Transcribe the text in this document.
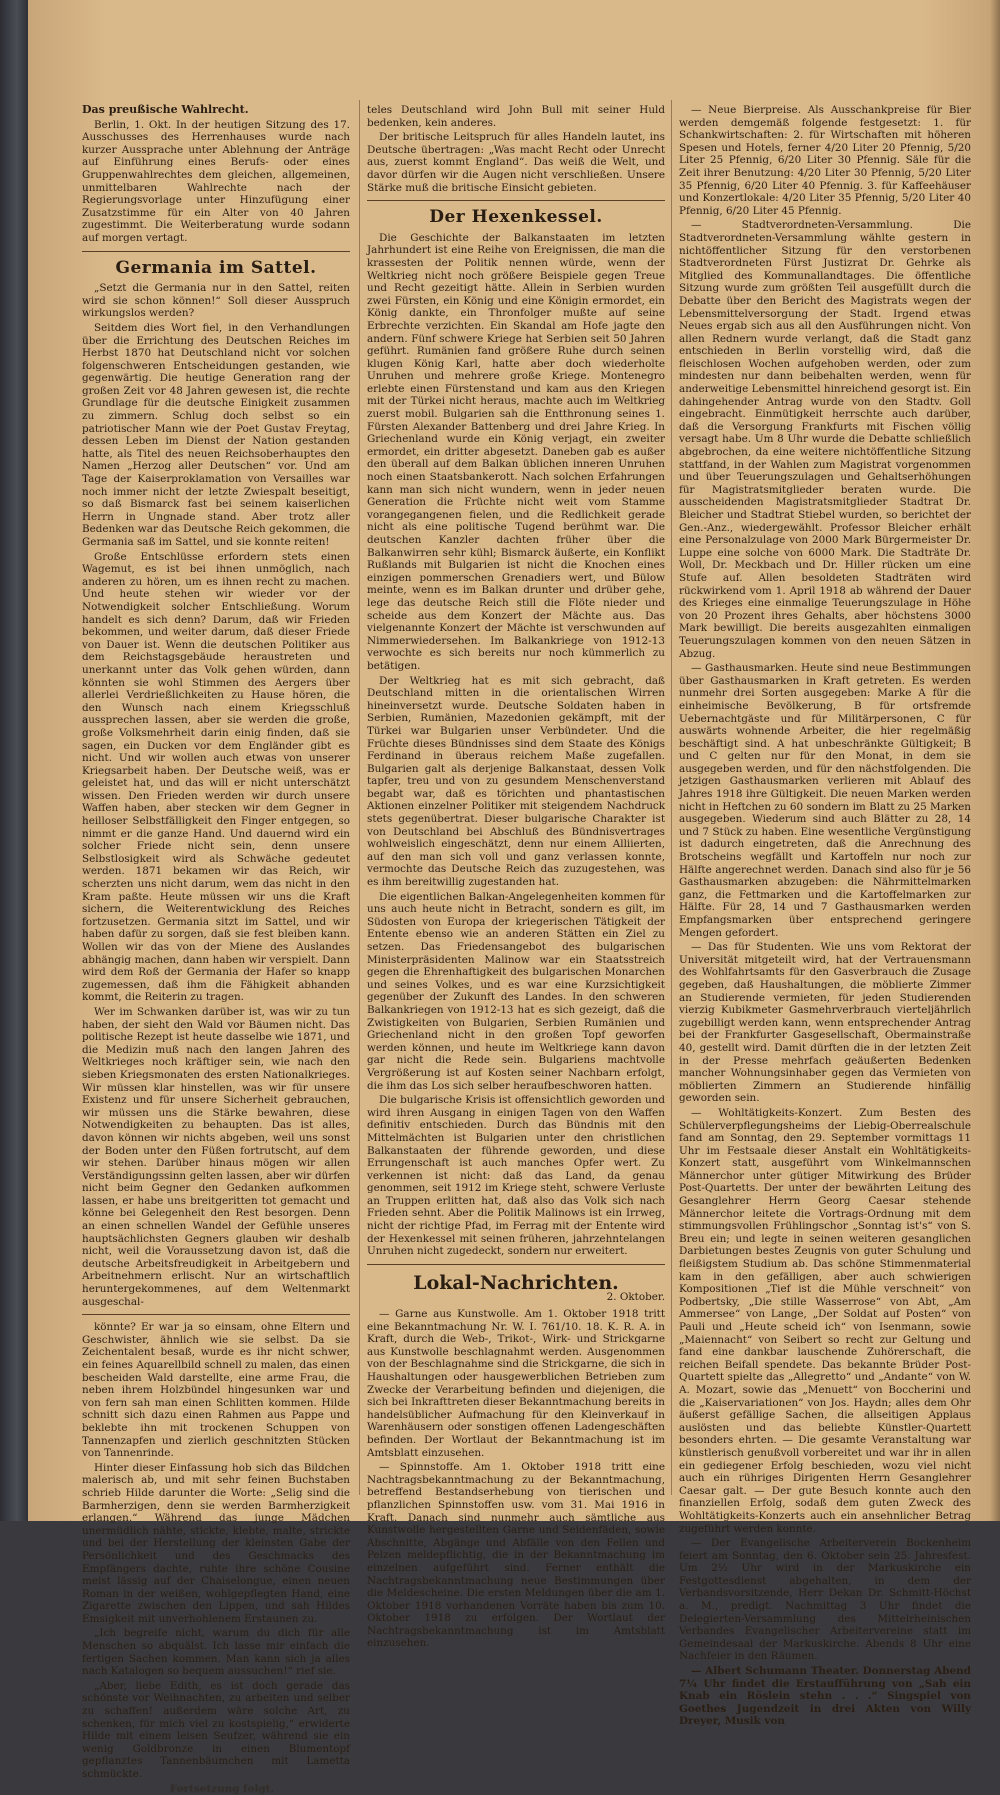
Das preußische Wahlrecht.

Berlin, 1. Okt. In der heutigen Sitzung des 17. Ausschusses des Herrenhauses wurde nach kurzer Aussprache unter Ablehnung der Anträge auf Einführung eines Berufs- oder eines Gruppenwahlrechtes dem gleichen, allgemeinen, unmittelbaren Wahlrechte nach der Regierungsvorlage unter Hinzufügung einer Zusatzstimme für ein Alter von 40 Jahren zugestimmt. Die Weiterberatung wurde sodann auf morgen vertagt.

Germania im Sattel.

„Setzt die Germania nur in den Sattel, reiten wird sie schon können!“ Soll dieser Ausspruch wirkungslos werden?

Seitdem dies Wort fiel, in den Verhandlungen über die Errichtung des Deutschen Reiches im Herbst 1870 hat Deutschland nicht vor solchen folgenschweren Entscheidungen gestanden, wie gegenwärtig. Die heutige Generation rang der großen Zeit vor 48 Jahren gewesen ist, die rechte Grundlage für die deutsche Einigkeit zusammen zu zimmern. Schlug doch selbst so ein patriotischer Mann wie der Poet Gustav Freytag, dessen Leben im Dienst der Nation gestanden hatte, als Titel des neuen Reichsoberhauptes den Namen „Herzog aller Deutschen“ vor. Und am Tage der Kaiserproklamation von Versailles war noch immer nicht der letzte Zwiespalt beseitigt, so daß Bismarck fast bei seinem kaiserlichen Herrn in Ungnade stand. Aber trotz aller Bedenken war das Deutsche Reich gekommen, die Germania saß im Sattel, und sie konnte reiten!

Große Entschlüsse erfordern stets einen Wagemut, es ist bei ihnen unmöglich, nach anderen zu hören, um es ihnen recht zu machen. Und heute stehen wir wieder vor der Notwendigkeit solcher Entschließung. Worum handelt es sich denn? Darum, daß wir Frieden bekommen, und weiter darum, daß dieser Friede von Dauer ist. Wenn die deutschen Politiker aus dem Reichstagsgebäude heraustreten und unerkannt unter das Volk gehen würden, dann könnten sie wohl Stimmen des Aergers über allerlei Verdrießlichkeiten zu Hause hören, die den Wunsch nach einem Kriegsschluß aussprechen lassen, aber sie werden die große, große Volksmehrheit darin einig finden, daß sie sagen, ein Ducken vor dem Engländer gibt es nicht. Und wir wollen auch etwas von unserer Kriegsarbeit haben. Der Deutsche weiß, was er geleistet hat, und das will er nicht unterschätzt wissen. Den Frieden werden wir durch unsere Waffen haben, aber stecken wir dem Gegner in heilloser Selbstfälligkeit den Finger entgegen, so nimmt er die ganze Hand. Und dauernd wird ein solcher Friede nicht sein, denn unsere Selbstlosigkeit wird als Schwäche gedeutet werden. 1871 bekamen wir das Reich, wir scherzten uns nicht darum, wem das nicht in den Kram paßte. Heute müssen wir uns die Kraft sichern, die Weiterentwicklung des Reiches fortzusetzen. Germania sitzt im Sattel, und wir haben dafür zu sorgen, daß sie fest bleiben kann. Wollen wir das von der Miene des Auslandes abhängig machen, dann haben wir verspielt. Dann wird dem Roß der Germania der Hafer so knapp zugemessen, daß ihm die Fähigkeit abhanden kommt, die Reiterin zu tragen.

Wer im Schwanken darüber ist, was wir zu tun haben, der sieht den Wald vor Bäumen nicht. Das politische Rezept ist heute dasselbe wie 1871, und die Medizin muß nach den langen Jahren des Weltkrieges noch kräftiger sein, wie nach den sieben Kriegsmonaten des ersten Nationalkrieges. Wir müssen klar hinstellen, was wir für unsere Existenz und für unsere Sicherheit gebrauchen, wir müssen uns die Stärke bewahren, diese Notwendigkeiten zu behaupten. Das ist alles, davon können wir nichts abgeben, weil uns sonst der Boden unter den Füßen fortrutscht, auf dem wir stehen. Darüber hinaus mögen wir allen Verständigungssinn gelten lassen, aber wir dürfen nicht beim Gegner den Gedanken aufkommen lassen, er habe uns breitgeritten tot gemacht und könne bei Gelegenheit den Rest besorgen. Denn an einen schnellen Wandel der Gefühle unseres hauptsächlichsten Gegners glauben wir deshalb nicht, weil die Voraussetzung davon ist, daß die deutsche Arbeitsfreudigkeit in Arbeitgebern und Arbeitnehmern erlischt. Nur an wirtschaftlich heruntergekommenes, auf dem Weltenmarkt ausgeschal-

könnte? Er war ja so einsam, ohne Eltern und Geschwister, ähnlich wie sie selbst. Da sie Zeichentalent besaß, wurde es ihr nicht schwer, ein feines Aquarellbild schnell zu malen, das einen bescheiden Wald darstellte, eine arme Frau, die neben ihrem Holzbündel hingesunken war und von fern sah man einen Schlitten kommen. Hilde schnitt sich dazu einen Rahmen aus Pappe und beklebte ihn mit trockenen Schuppen von Tannenzapfen und zierlich geschnitzten Stücken von Tannenrinde.

Hinter dieser Einfassung hob sich das Bildchen malerisch ab, und mit sehr feinen Buchstaben schrieb Hilde darunter die Worte: „Selig sind die Barmherzigen, denn sie werden Barmherzigkeit erlangen.“ Während das junge Mädchen unermüdlich nähte, stickte, klebte, malte, strickte und bei der Herstellung der kleinsten Gabe der Persönlichkeit und des Geschmacks des Empfängers dachte, ruhte ihre schöne Cousine meist lässig auf der Chaiselongue, einen neuen Roman in der weißen, wohlgepflegten Hand, eine Zigarette zwischen den Lippen, und sah Hildes Emsigkeit mit unverhohlenem Erstaunen zu.

„Ich begreife nicht, warum du dich für alle Menschen so abquälst. Ich lasse mir einfach die fertigen Sachen kommen. Man kann sich ja alles nach Katalogen so bequem aussuchen!“ rief sie.

„Aber, liebe Edith, es ist doch gerade das schönste vor Weihnachten, zu arbeiten und selber zu schaffen! außerdem wäre solche Art, zu schenken, für mich viel zu kostspielig,“ erwiderte Hilde mit einem leisen Seufzer, während sie ein wenig Goldbronze in einen Blumentopf gepflanztes Tannenbäumchen mit Lametta schmückte.

Fortsetzung folgt.

teles Deutschland wird John Bull mit seiner Huld bedenken, kein anderes.

Der britische Leitspruch für alles Handeln lautet, ins Deutsche übertragen: „Was macht Recht oder Unrecht aus, zuerst kommt England“. Das weiß die Welt, und davor dürfen wir die Augen nicht verschließen. Unsere Stärke muß die britische Einsicht gebieten.

Der Hexenkessel.

Die Geschichte der Balkanstaaten im letzten Jahrhundert ist eine Reihe von Ereignissen, die man die krassesten der Politik nennen würde, wenn der Weltkrieg nicht noch größere Beispiele gegen Treue und Recht gezeitigt hätte. Allein in Serbien wurden zwei Fürsten, ein König und eine Königin ermordet, ein König dankte, ein Thronfolger mußte auf seine Erbrechte verzichten. Ein Skandal am Hofe jagte den andern. Fünf schwere Kriege hat Serbien seit 50 Jahren geführt. Rumänien fand größere Ruhe durch seinen klugen König Karl, hatte aber doch wiederholte Unruhen und mehrere große Kriege. Montenegro erlebte einen Fürstenstand und kam aus den Kriegen mit der Türkei nicht heraus, machte auch im Weltkrieg zuerst mobil. Bulgarien sah die Entthronung seines 1. Fürsten Alexander Battenberg und drei Jahre Krieg. In Griechenland wurde ein König verjagt, ein zweiter ermordet, ein dritter abgesetzt. Daneben gab es außer den überall auf dem Balkan üblichen inneren Unruhen noch einen Staatsbankerott. Nach solchen Erfahrungen kann man sich nicht wundern, wenn in jeder neuen Generation die Früchte nicht weit vom Stamme vorangegangenen fielen, und die Redlichkeit gerade nicht als eine politische Tugend berühmt war. Die deutschen Kanzler dachten früher über die Balkanwirren sehr kühl; Bismarck äußerte, ein Konflikt Rußlands mit Bulgarien ist nicht die Knochen eines einzigen pommerschen Grenadiers wert, und Bülow meinte, wenn es im Balkan drunter und drüber gehe, lege das deutsche Reich still die Flöte nieder und scheide aus dem Konzert der Mächte aus. Das vielgenannte Konzert der Mächte ist verschwunden auf Nimmerwiedersehen. Im Balkankriege von 1912-13 verwochte es sich bereits nur noch kümmerlich zu betätigen.

Der Weltkrieg hat es mit sich gebracht, daß Deutschland mitten in die orientalischen Wirren hineinversetzt wurde. Deutsche Soldaten haben in Serbien, Rumänien, Mazedonien gekämpft, mit der Türkei war Bulgarien unser Verbündeter. Und die Früchte dieses Bündnisses sind dem Staate des Königs Ferdinand in überaus reichem Maße zugefallen. Bulgarien galt als derjenige Balkanstaat, dessen Volk tapfer, treu und von zu gesundem Menschenverstand begabt war, daß es törichten und phantastischen Aktionen einzelner Politiker mit steigendem Nachdruck stets gegenübertrat. Dieser bulgarische Charakter ist von Deutschland bei Abschluß des Bündnisvertrages wohlweislich eingeschätzt, denn nur einem Alliierten, auf den man sich voll und ganz verlassen konnte, vermochte das Deutsche Reich das zuzugestehen, was es ihm bereitwillig zugestanden hat.

Die eigentlichen Balkan-Angelegenheiten kommen für uns auch heute nicht in Betracht, sondern es gilt, im Südosten von Europa der kriegerischen Tätigkeit der Entente ebenso wie an anderen Stätten ein Ziel zu setzen. Das Friedensangebot des bulgarischen Ministerpräsidenten Malinow war ein Staatsstreich gegen die Ehrenhaftigkeit des bulgarischen Monarchen und seines Volkes, und es war eine Kurzsichtigkeit gegenüber der Zukunft des Landes. In den schweren Balkankriegen von 1912-13 hat es sich gezeigt, daß die Zwistigkeiten von Bulgarien, Serbien Rumänien und Griechenland nicht in den großen Topf geworfen werden können, und heute im Weltkriege kann davon gar nicht die Rede sein. Bulgariens machtvolle Vergrößerung ist auf Kosten seiner Nachbarn erfolgt, die ihm das Los sich selber heraufbeschworen hatten.

Die bulgarische Krisis ist offensichtlich geworden und wird ihren Ausgang in einigen Tagen von den Waffen definitiv entschieden. Durch das Bündnis mit den Mittelmächten ist Bulgarien unter den christlichen Balkanstaaten der führende geworden, und diese Errungenschaft ist auch manches Opfer wert. Zu verkennen ist nicht: daß das Land, da genau genommen, seit 1912 im Kriege steht, schwere Verluste an Truppen erlitten hat, daß also das Volk sich nach Frieden sehnt. Aber die Politik Malinows ist ein Irrweg, nicht der richtige Pfad, im Ferrag mit der Entente wird der Hexenkessel mit seinen früheren, jahrzehntelangen Unruhen nicht zugedeckt, sondern nur erweitert.

Lokal-Nachrichten.

2. Oktober.

— Garne aus Kunstwolle. Am 1. Oktober 1918 tritt eine Bekanntmachung Nr. W. I. 761/10. 18. K. R. A. in Kraft, durch die Web-, Trikot-, Wirk- und Strickgarne aus Kunstwolle beschlagnahmt werden. Ausgenommen von der Beschlagnahme sind die Strickgarne, die sich in Haushaltungen oder hausgewerblichen Betrieben zum Zwecke der Verarbeitung befinden und diejenigen, die sich bei Inkrafttreten dieser Bekanntmachung bereits in handelsüblicher Aufmachung für den Kleinverkauf in Warenhäusern oder sonstigen offenen Ladengeschäften befinden. Der Wortlaut der Bekanntmachung ist im Amtsblatt einzusehen.

— Spinnstoffe. Am 1. Oktober 1918 tritt eine Nachtragsbekanntmachung zu der Bekanntmachung, betreffend Bestandserhebung von tierischen und pflanzlichen Spinnstoffen usw. vom 31. Mai 1916 in Kraft. Danach sind nunmehr auch sämtliche aus Kunstwolle hergestellten Garne und Seidenfäden, sowie Abschnitte, Abgänge und Abfälle von den Fellen und Pelzen meldepflichtig, die in der Bekanntmachung im einzelnen aufgeführt sind. Ferner enthält die Nachtragsbekanntmachung neue Bestimmungen über die Meldescheine. Die ersten Meldungen über die am 1. Oktober 1918 vorhandenen Vorräte haben bis zum 10. Oktober 1918 zu erfolgen. Der Wortlaut der Nachtragsbekanntmachung ist im Amtsblatt einzusehen.

— Neue Bierpreise. Als Ausschankpreise für Bier werden demgemäß folgende festgesetzt: 1. für Schankwirtschaften: 2. für Wirtschaften mit höheren Spesen und Hotels, ferner 4/20 Liter 20 Pfennig, 5/20 Liter 25 Pfennig, 6/20 Liter 30 Pfennig. Säle für die Zeit ihrer Benutzung: 4/20 Liter 30 Pfennig, 5/20 Liter 35 Pfennig, 6/20 Liter 40 Pfennig. 3. für Kaffeehäuser und Konzertlokale: 4/20 Liter 35 Pfennig, 5/20 Liter 40 Pfennig, 6/20 Liter 45 Pfennig.

— Stadtverordneten-Versammlung. Die Stadtverordneten-Versammlung wählte gestern in nichtöffentlicher Sitzung für den verstorbenen Stadtverordneten Fürst Justizrat Dr. Gehrke als Mitglied des Kommunallandtages. Die öffentliche Sitzung wurde zum größten Teil ausgefüllt durch die Debatte über den Bericht des Magistrats wegen der Lebensmittelversorgung der Stadt. Irgend etwas Neues ergab sich aus all den Ausführungen nicht. Von allen Rednern wurde verlangt, daß die Stadt ganz entschieden in Berlin vorstellig wird, daß die fleischlosen Wochen aufgehoben werden, oder zum mindesten nur dann beibehalten werden, wenn für anderweitige Lebensmittel hinreichend gesorgt ist. Ein dahingehender Antrag wurde von den Stadtv. Goll eingebracht. Einmütigkeit herrschte auch darüber, daß die Versorgung Frankfurts mit Fischen völlig versagt habe. Um 8 Uhr wurde die Debatte schließlich abgebrochen, da eine weitere nichtöffentliche Sitzung stattfand, in der Wahlen zum Magistrat vorgenommen und über Teuerungszulagen und Gehaltserhöhungen für Magistratsmitglieder beraten wurde. Die ausscheidenden Magistratsmitglieder Stadtrat Dr. Bleicher und Stadtrat Stiebel wurden, so berichtet der Gen.-Anz., wiedergewählt. Professor Bleicher erhält eine Personalzulage von 2000 Mark Bürgermeister Dr. Luppe eine solche von 6000 Mark. Die Stadträte Dr. Woll, Dr. Meckbach und Dr. Hiller rücken um eine Stufe auf. Allen besoldeten Stadträten wird rückwirkend vom 1. April 1918 ab während der Dauer des Krieges eine einmalige Teuerungszulage in Höhe von 20 Prozent ihres Gehalts, aber höchstens 3000 Mark bewilligt. Die bereits ausgezahlten einmaligen Teuerungszulagen kommen von den neuen Sätzen in Abzug.

— Gasthausmarken. Heute sind neue Bestimmungen über Gasthausmarken in Kraft getreten. Es werden nunmehr drei Sorten ausgegeben: Marke A für die einheimische Bevölkerung, B für ortsfremde Uebernachtgäste und für Militärpersonen, C für auswärts wohnende Arbeiter, die hier regelmäßig beschäftigt sind. A hat unbeschränkte Gültigkeit; B und C gelten nur für den Monat, in dem sie ausgegeben werden, und für den nächstfolgenden. Die jetzigen Gasthausmarken verlieren mit Ablauf des Jahres 1918 ihre Gültigkeit. Die neuen Marken werden nicht in Heftchen zu 60 sondern im Blatt zu 25 Marken ausgegeben. Wiederum sind auch Blätter zu 28, 14 und 7 Stück zu haben. Eine wesentliche Vergünstigung ist dadurch eingetreten, daß die Anrechnung des Brotscheins wegfällt und Kartoffeln nur noch zur Hälfte angerechnet werden. Danach sind also für je 56 Gasthausmarken abzugeben: die Nährmittelmarken ganz, die Fettmarken und die Kartoffelmarken zur Hälfte. Für 28, 14 und 7 Gasthausmarken werden Empfangsmarken über entsprechend geringere Mengen gefordert.

— Das für Studenten. Wie uns vom Rektorat der Universität mitgeteilt wird, hat der Vertrauensmann des Wohlfahrtsamts für den Gasverbrauch die Zusage gegeben, daß Haushaltungen, die möblierte Zimmer an Studierende vermieten, für jeden Studierenden vierzig Kubikmeter Gasmehrverbrauch vierteljährlich zugebilligt werden kann, wenn entsprechender Antrag bei der Frankfurter Gasgesellschaft, Obermainstraße 40, gestellt wird. Damit dürften die in der letzten Zeit in der Presse mehrfach geäußerten Bedenken mancher Wohnungsinhaber gegen das Vermieten von möblierten Zimmern an Studierende hinfällig geworden sein.

— Wohltätigkeits-Konzert. Zum Besten des Schülerverpflegungsheims der Liebig-Oberrealschule fand am Sonntag, den 29. September vormittags 11 Uhr im Festsaale dieser Anstalt ein Wohltätigkeits-Konzert statt, ausgeführt vom Winkelmannschen Männerchor unter gütiger Mitwirkung des Brüder Post-Quartetts. Der unter der bewährten Leitung des Gesanglehrer Herrn Georg Caesar stehende Männerchor leitete die Vortrags-Ordnung mit dem stimmungsvollen Frühlingschor „Sonntag ist's“ von S. Breu ein; und legte in seinen weiteren gesanglichen Darbietungen bestes Zeugnis von guter Schulung und fleißigstem Studium ab. Das schöne Stimmenmaterial kam in den gefälligen, aber auch schwierigen Kompositionen „Tief ist die Mühle verschneit“ von Podbertsky, „Die stille Wasserrose“ von Abt, „Am Ammersee“ von Lange, „Der Soldat auf Posten“ von Pauli und „Heute scheid ich“ von Isenmann, sowie „Maiennacht“ von Seibert so recht zur Geltung und fand eine dankbar lauschende Zuhörerschaft, die reichen Beifall spendete. Das bekannte Brüder Post-Quartett spielte das „Allegretto“ und „Andante“ von W. A. Mozart, sowie das „Menuett“ von Boccherini und die „Kaiservariationen“ von Jos. Haydn; alles dem Ohr äußerst gefällige Sachen, die allseitigen Applaus auslösten und das beliebte Künstler-Quartett besonders ehrten. — Die gesamte Veranstaltung war künstlerisch genußvoll vorbereitet und war ihr in allen ein gediegener Erfolg beschieden, wozu viel nicht auch ein rühriges Dirigenten Herrn Gesanglehrer Caesar galt. — Der gute Besuch konnte auch den finanziellen Erfolg, sodaß dem guten Zweck des Wohltätigkeits-Konzerts auch ein ansehnlicher Betrag zugeführt werden konnte.

— Der Evangelische Arbeiterverein Bockenheim feiert am Sonntag, den 6. Oktober sein 25. Jahresfest. Um 2½ Uhr wird in der Markuskirche ein Festgottesdienst abgehalten, in dem der Verbandsvorsitzende, Herr Dekan Dr. Schmitt-Höchst a. M., predigt. Nachmittag 3 Uhr findet die Delegierten-Versammlung des Mittelrheinischen Verbandes Evangelischer Arbeitervereine statt im Gemeindesaal der Markuskirche. Abends 8 Uhr eine Nachfeier in den Räumen.

— Albert Schumann Theater. Donnerstag Abend 7¼ Uhr findet die Erstaufführung von „Sah ein Knab ein Röslein stehn . . .“ Singspiel von Goethes Jugendzeit in drei Akten von Willy Dreyer, Musik von
